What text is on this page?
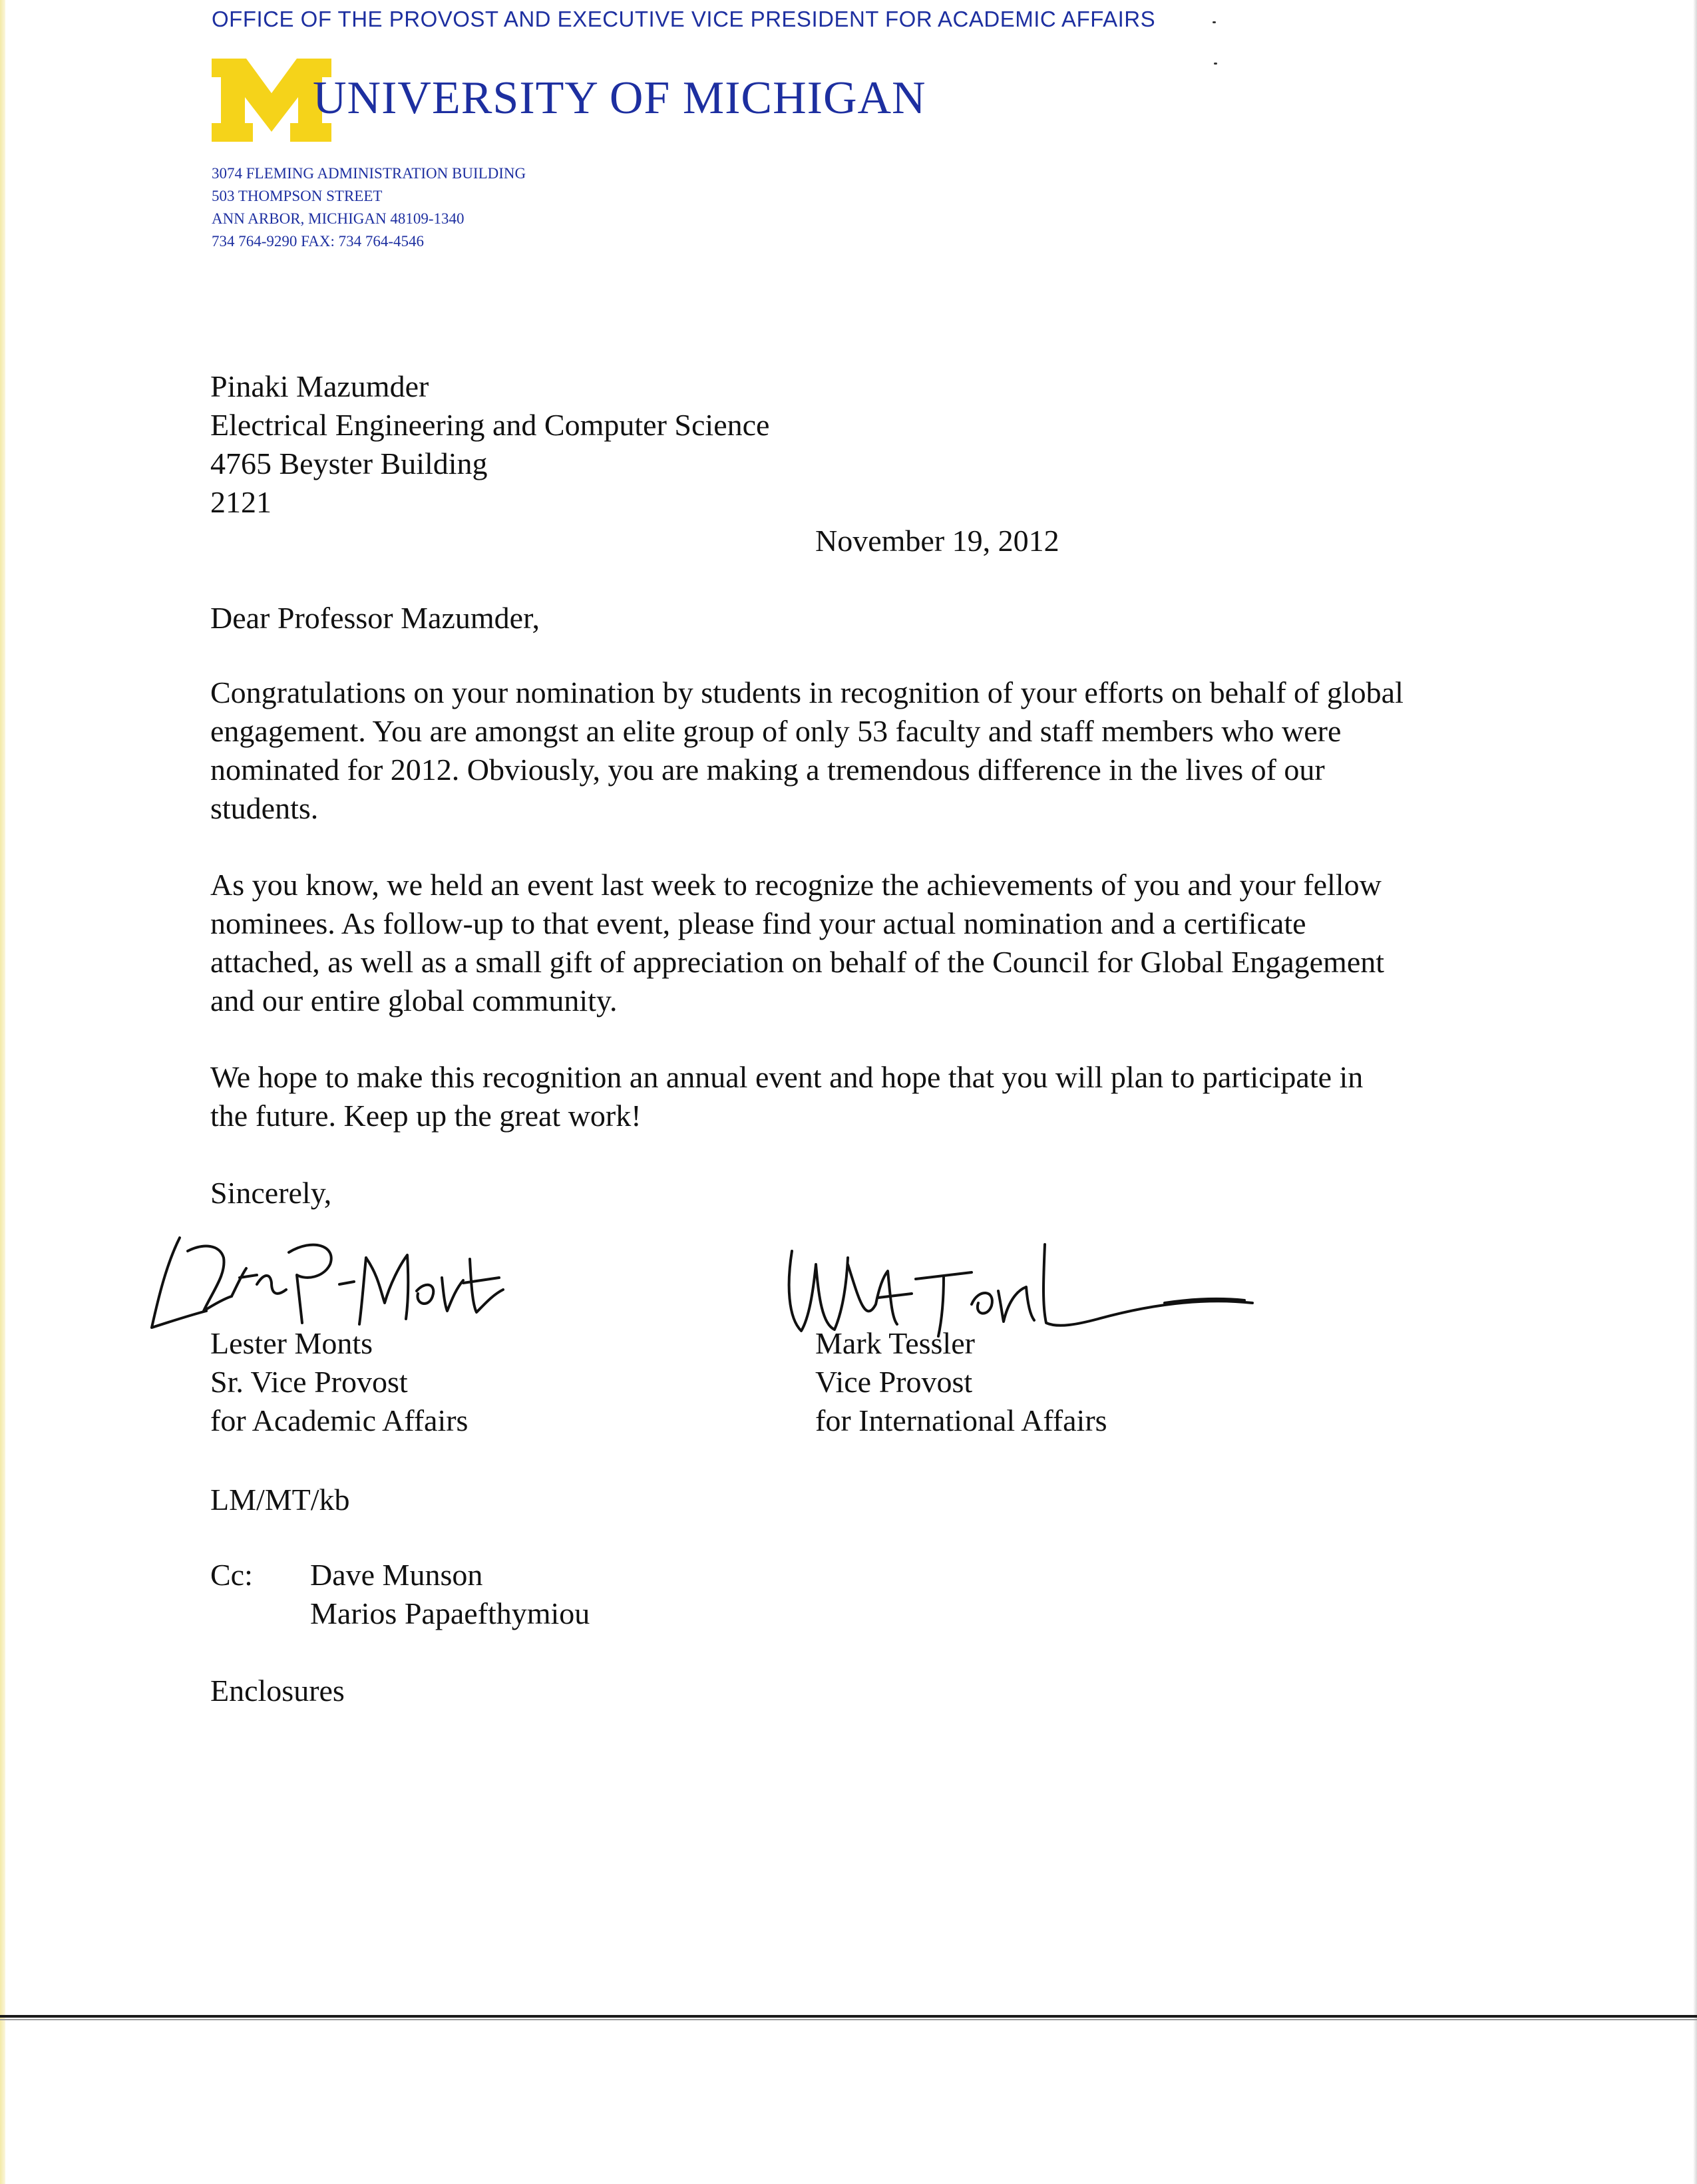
OFFICE OF THE PROVOST AND EXECUTIVE VICE PRESIDENT FOR ACADEMIC AFFAIRS
UNIVERSITY OF MICHIGAN
3074 FLEMING ADMINISTRATION BUILDING
503 THOMPSON STREET
ANN ARBOR, MICHIGAN 48109-1340
734 764-9290 FAX: 734 764-4546
Pinaki Mazumder
Electrical Engineering and Computer Science
4765 Beyster Building
2121
November 19, 2012
Dear Professor Mazumder,
Congratulations on your nomination by students in recognition of your efforts on behalf of global
engagement. You are amongst an elite group of only 53 faculty and staff members who were
nominated for 2012. Obviously, you are making a tremendous difference in the lives of our
students.
As you know, we held an event last week to recognize the achievements of you and your fellow
nominees. As follow-up to that event, please find your actual nomination and a certificate
attached, as well as a small gift of appreciation on behalf of the Council for Global Engagement
and our entire global community.
We hope to make this recognition an annual event and hope that you will plan to participate in
the future. Keep up the great work!
Sincerely,
Lester Monts
Sr. Vice Provost
for Academic Affairs
Mark Tessler
Vice Provost
for International Affairs
LM/MT/kb
Cc: Dave Munson
Marios Papaefthymiou
Enclosures
